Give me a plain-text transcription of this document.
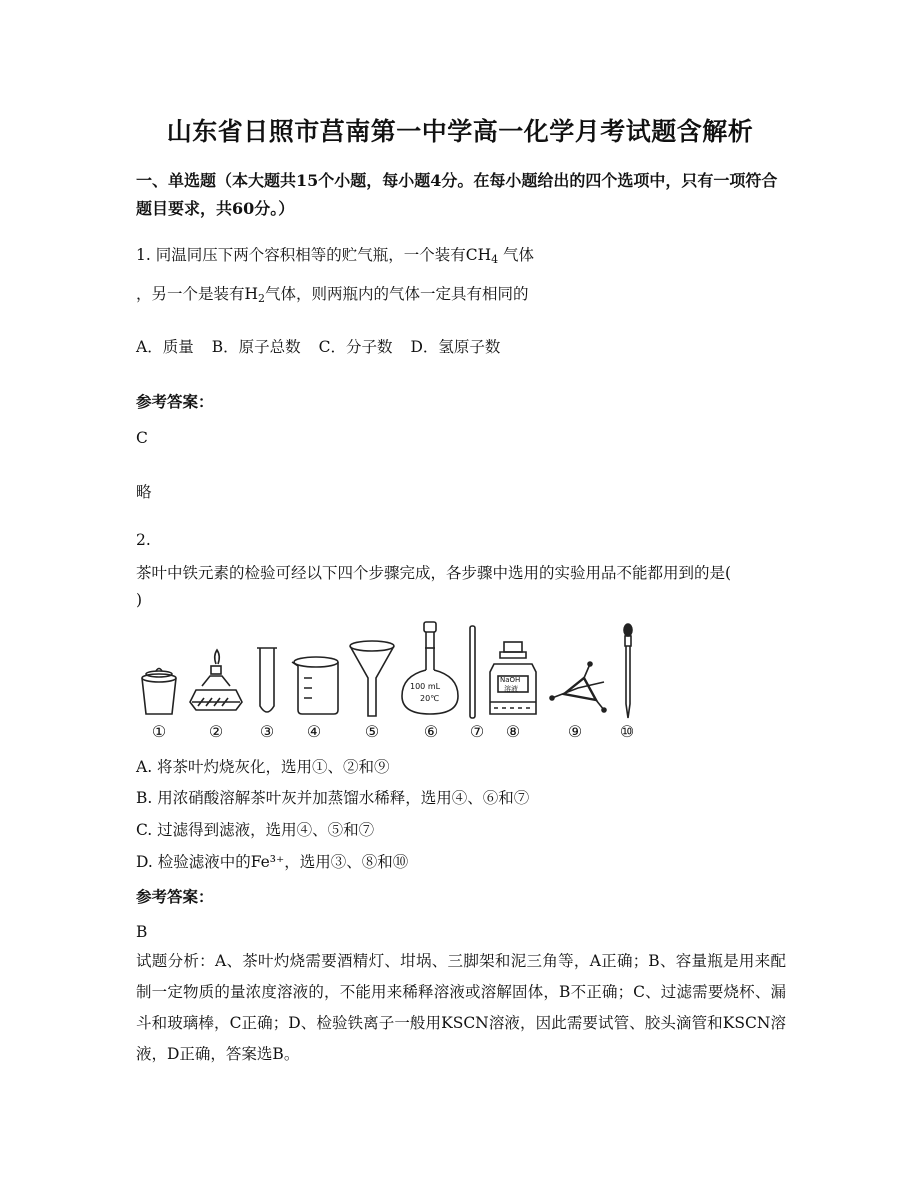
山东省日照市莒南第一中学高一化学月考试题含解析
一、单选题（本大题共15个小题，每小题4分。在每小题给出的四个选项中，只有一项符合题目要求，共60分。）
1. 同温同压下两个容积相等的贮气瓶，一个装有$CH_4$ 气体
，另一个是装有$H_2$气体，则两瓶内的气体一定具有相同的
A．质量 B．原子总数 C．分子数 D．氢原子数
参考答案：
C
略
2.
茶叶中铁元素的检验可经以下四个步骤完成，各步骤中选用的实验用品不能都用到的是(
)
100 mL
20℃
NaOH
溶液
①	②	③	④	⑤	⑥	⑦	⑧	⑨	⑩
A. 将茶叶灼烧灰化，选用①、②和⑨
B. 用浓硝酸溶解茶叶灰并加蒸馏水稀释，选用④、⑥和⑦
C. 过滤得到滤液，选用④、⑤和⑦
D. 检验滤液中的Fe³⁺，选用③、⑧和⑩
参考答案：
B
试题分析：A、茶叶灼烧需要酒精灯、坩埚、三脚架和泥三角等，A正确；B、容量瓶是用来配制一定物质的量浓度溶液的，不能用来稀释溶液或溶解固体，B不正确；C、过滤需要烧杯、漏斗和玻璃棒，C正确；D、检验铁离子一般用KSCN溶液，因此需要试管、胶头滴管和KSCN溶液，D正确，答案选B。
